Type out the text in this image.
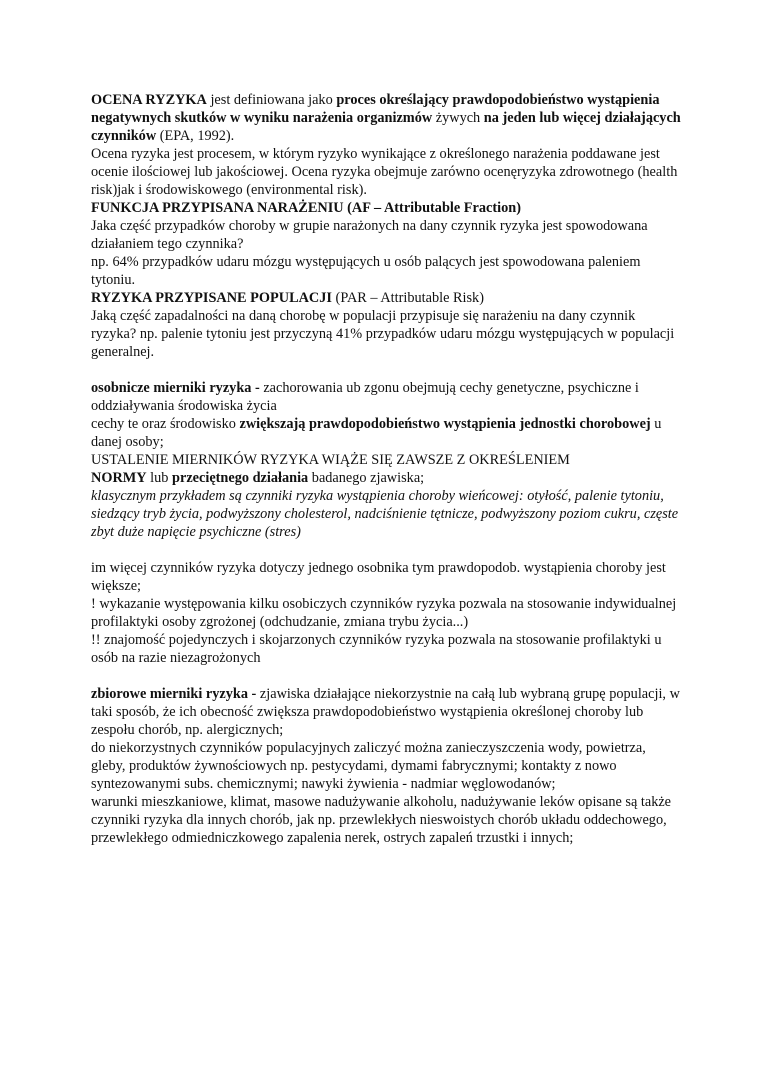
OCENA RYZYKA jest definiowana jako proces określający prawdopodobieństwo wystąpienia negatywnych skutków w wyniku narażenia organizmów żywych na jeden lub więcej działających czynników (EPA, 1992).

Ocena ryzyka jest procesem, w którym ryzyko wynikające z określonego narażenia poddawane jest ocenie ilościowej lub jakościowej. Ocena ryzyka obejmuje zarówno ocenęryzyka zdrowotnego (health risk)jak i środowiskowego (environmental risk).

FUNKCJA PRZYPISANA NARAŻENIU (AF – Attributable Fraction)

Jaka część przypadków choroby w grupie narażonych na dany czynnik ryzyka jest spowodowana działaniem tego czynnika?

np. 64% przypadków udaru mózgu występujących u osób palących jest spowodowana paleniem tytoniu.

RYZYKA PRZYPISANE POPULACJI (PAR – Attributable Risk)

Jaką część zapadalności na daną chorobę w populacji przypisuje się narażeniu na dany czynnik ryzyka? np. palenie tytoniu jest przyczyną 41% przypadków udaru mózgu występujących w populacji generalnej.

osobnicze mierniki ryzyka - zachorowania ub zgonu obejmują cechy genetyczne, psychiczne i oddziaływania środowiska życia

cechy te oraz środowisko zwiększają prawdopodobieństwo wystąpienia jednostki chorobowej u danej osoby;

USTALENIE MIERNIKÓW RYZYKA WIĄŻE SIĘ ZAWSZE Z OKREŚLENIEM

NORMY lub przeciętnego działania badanego zjawiska;

klasycznym przykładem są czynniki ryzyka wystąpienia choroby wieńcowej: otyłość, palenie tytoniu, siedzący tryb życia, podwyższony cholesterol, nadciśnienie tętnicze, podwyższony poziom cukru, częste zbyt duże napięcie psychiczne (stres)

im więcej czynników ryzyka dotyczy jednego osobnika tym prawdopodob. wystąpienia choroby jest większe;

! wykazanie występowania kilku osobiczych czynników ryzyka pozwala na stosowanie indywidualnej profilaktyki osoby zgrożonej (odchudzanie, zmiana trybu życia...)

!! znajomość pojedynczych i skojarzonych czynników ryzyka pozwala na stosowanie profilaktyki u osób na razie niezagrożonych

zbiorowe mierniki ryzyka - zjawiska działające niekorzystnie na całą lub wybraną grupę populacji, w taki sposób, że ich obecność zwiększa prawdopodobieństwo wystąpienia określonej choroby lub zespołu chorób, np. alergicznych;

do niekorzystnych czynników populacyjnych zaliczyć można zanieczyszczenia wody, powietrza, gleby, produktów żywnościowych np. pestycydami, dymami fabrycznymi; kontakty z nowo syntezowanymi subs. chemicznymi; nawyki żywienia - nadmiar węglowodanów;

warunki mieszkaniowe, klimat, masowe nadużywanie alkoholu, nadużywanie leków opisane są także czynniki ryzyka dla innych chorób, jak np. przewlekłych nieswoistych chorób układu oddechowego, przewlekłego odmiedniczkowego zapalenia nerek, ostrych zapaleń trzustki i innych;
